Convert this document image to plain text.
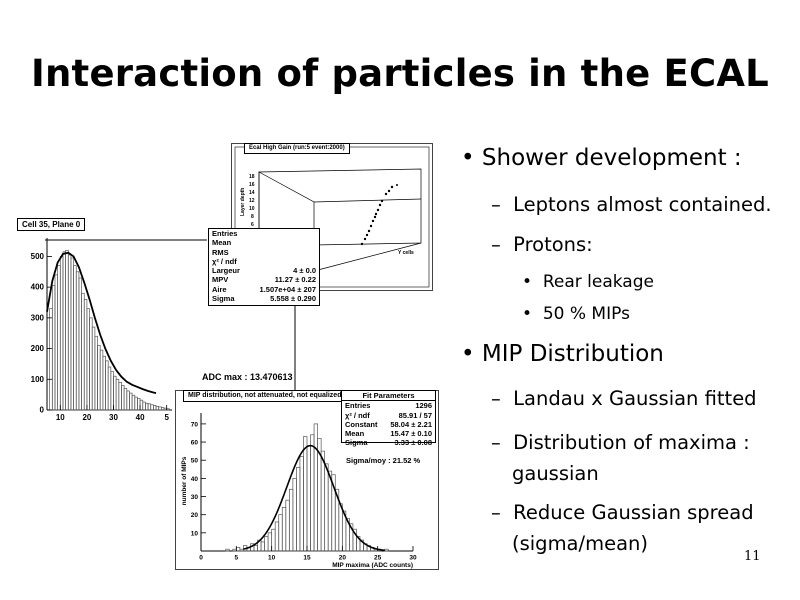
Interaction of particles in the ECAL
18
16
14
12
10
8
6
Layer depth
Y cells
Ecal High Gain (run:5 event:2000)
500
400
300
200
100
0
10 20 30 40 5
Cell 35, Plane 0
Entries
Mean
RMS
χ² / ndf
Largeur	4 ± 0.0
MPV	11.27 ± 0.22
Aire	1.507e+04 ± 207
Sigma	5.558 ± 0.290
ADC max : 13.470613
70
60
50
40
30
20
10
0	5	10	15	20	25	30
number of MIPs
MIP maxima (ADC counts)
MIP distribution, not attenuated, not equalized	Fit Parameters
Entries	1296
χ² / ndf	85.91 / 57
Constant 58.04 ± 2.21
Mean	15.47 ± 0.10
Sigma	3.33 ± 0.08
Sigma/moy : 21.52 %
• Shower development :
–  Leptons almost contained.
–  Protons:
•  Rear leakage
•  50 % MIPs
• MIP Distribution
–  Landau x Gaussian fitted
–  Distribution of maxima :
gaussian
–  Reduce Gaussian spread
(sigma/mean)
11
